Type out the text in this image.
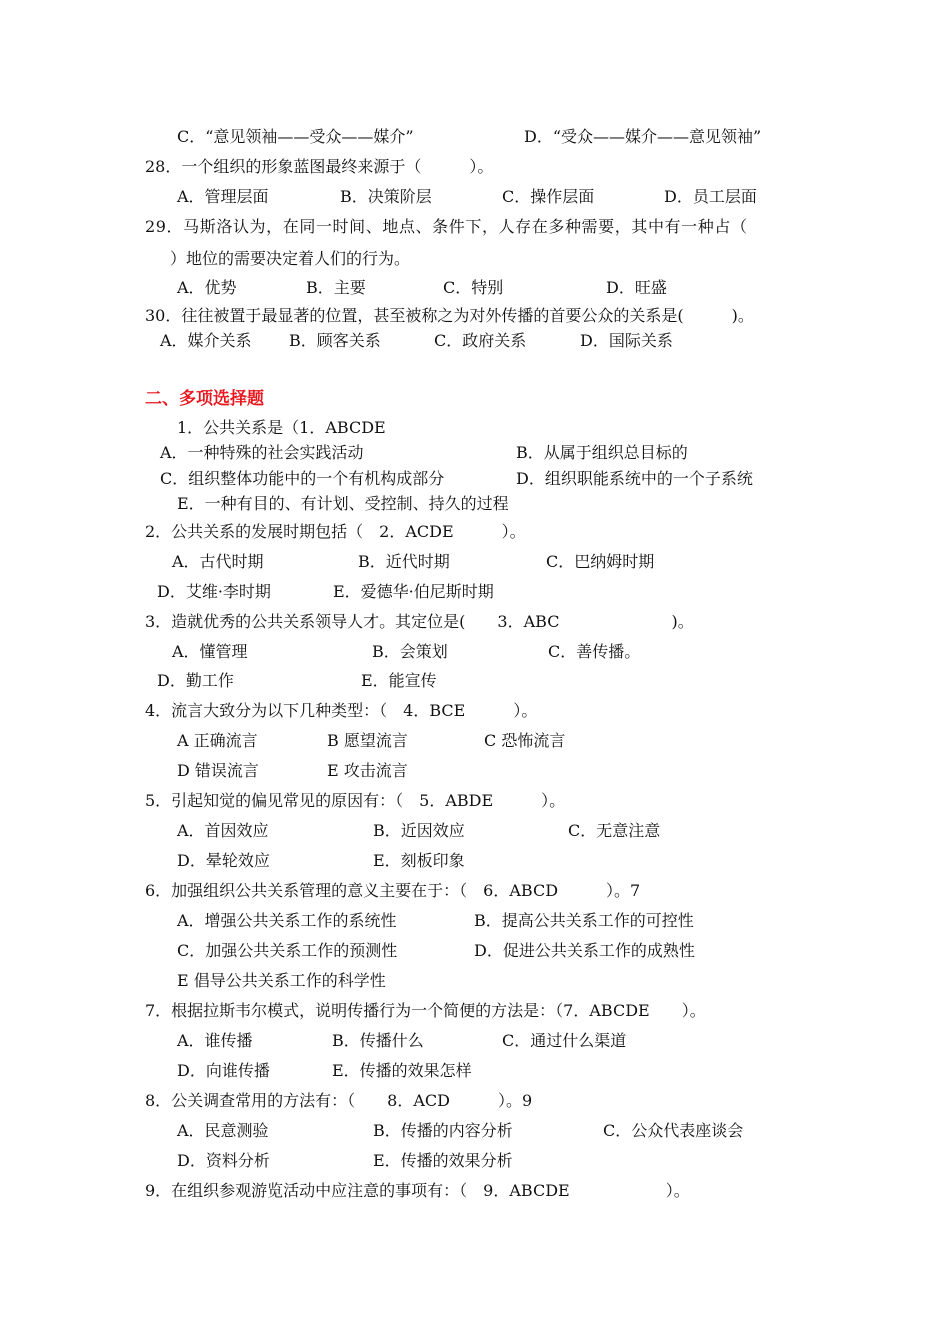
C．“意见领袖——受众——媒介”	D．“受众——媒介——意见领袖”
28．一个组织的形象蓝图最终来源于（　　　）。
A．管理层面	B．决策阶层	C．操作层面	D．员工层面
29．马斯洛认为，在同一时间、地点、条件下，人存在多种需要，其中有一种占（
）地位的需要决定着人们的行为。
A．优势	B．主要	C．特别	D．旺盛
30．往往被置于最显著的位置，甚至被称之为对外传播的首要公众的关系是(　　　)。
A．媒介关系 B．顾客关系	C．政府关系	D．国际关系
二、多项选择题
1．公共关系是（1．ABCDE
A．一种特殊的社会实践活动	B．从属于组织总目标的
C．组织整体功能中的一个有机构成部分	D．组织职能系统中的一个子系统
E．一种有目的、有计划、受控制、持久的过程
2．公共关系的发展时期包括（　2．ACDE　　　）。
A．古代时期	B．近代时期	C．巴纳姆时期
D．艾维·李时期	E．爱德华·伯尼斯时期
3．造就优秀的公共关系领导人才。其定位是(　　3．ABC　　　　　　　)。
A．懂管理	B．会策划	C．善传播。
D．勤工作	E．能宣传
4．流言大致分为以下几种类型：（　4．BCE　　　）。
A 正确流言	B 愿望流言	C 恐怖流言
D 错误流言	E 攻击流言
5．引起知觉的偏见常见的原因有：（　5．ABDE　　　）。
A．首因效应	B．近因效应	C．无意注意
D．晕轮效应	E．刻板印象
6．加强组织公共关系管理的意义主要在于：（　6．ABCD　　　）。7
A．增强公共关系工作的系统性	B．提高公共关系工作的可控性
C．加强公共关系工作的预测性	D．促进公共关系工作的成熟性
E 倡导公共关系工作的科学性
7．根据拉斯韦尔模式，说明传播行为一个简便的方法是：（7．ABCDE　　）。
A．谁传播	B．传播什么	C．通过什么渠道
D．向谁传播	E．传播的效果怎样
8．公关调查常用的方法有：（　　8．ACD　　　）。9
A．民意测验	B．传播的内容分析	C．公众代表座谈会
D．资料分析	E．传播的效果分析
9．在组织参观游览活动中应注意的事项有：（　9．ABCDE　　　　　　）。
